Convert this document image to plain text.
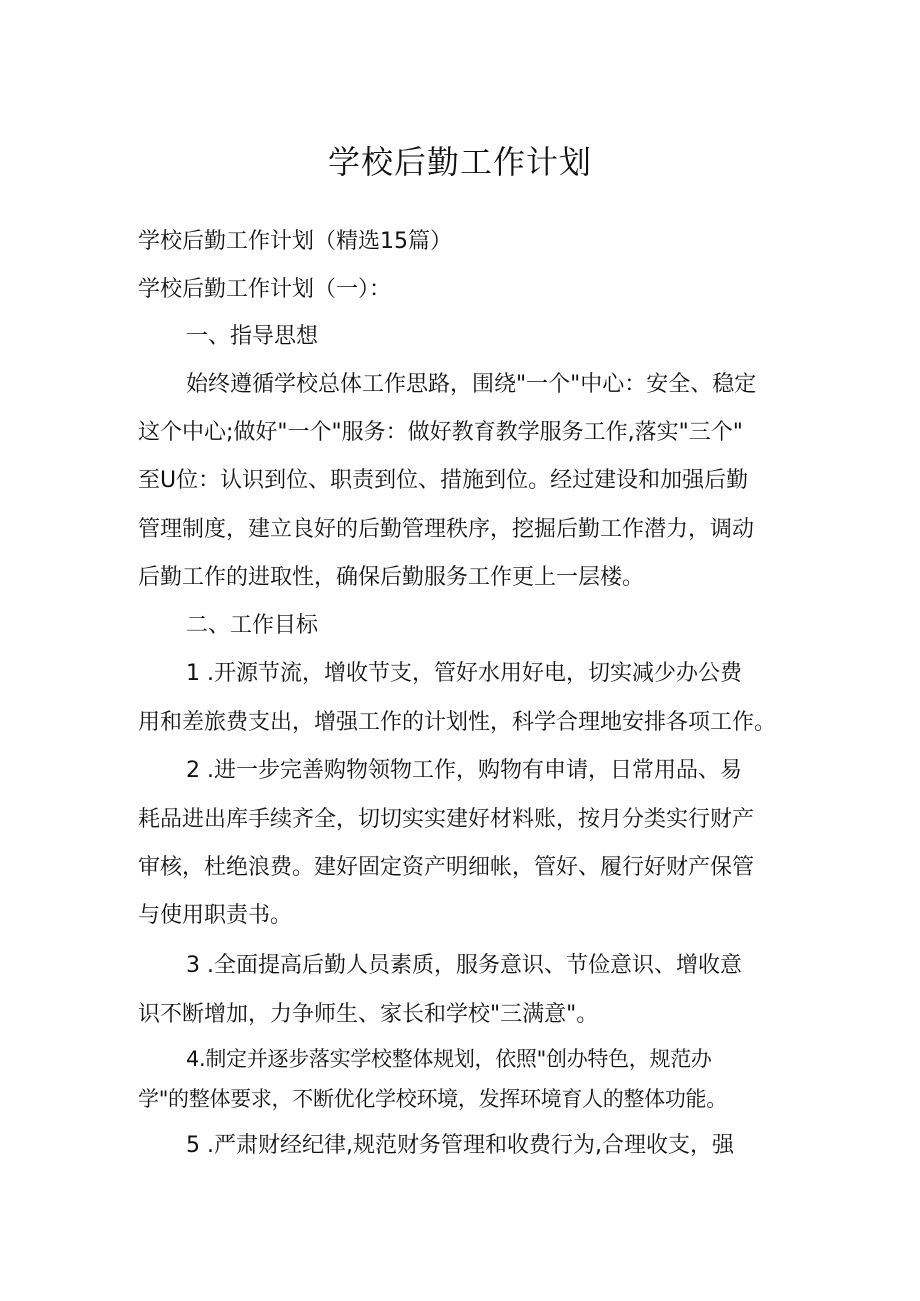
学校后勤工作计划
学校后勤工作计划（精选15篇）
学校后勤工作计划（一）：
一、指导思想
始终遵循学校总体工作思路，围绕"一个"中心：安全、稳定
这个中心;做好"一个"服务：做好教育教学服务工作,落实"三个"
至U位：认识到位、职责到位、措施到位。经过建设和加强后勤
管理制度，建立良好的后勤管理秩序，挖掘后勤工作潜力，调动
后勤工作的进取性，确保后勤服务工作更上一层楼。
二、工作目标
1 .开源节流，增收节支，管好水用好电，切实减少办公费
用和差旅费支出，增强工作的计划性，科学合理地安排各项工作。
2 .进一步完善购物领物工作，购物有申请，日常用品、易
耗品进出库手续齐全，切切实实建好材料账，按月分类实行财产
审核，杜绝浪费。建好固定资产明细帐，管好、履行好财产保管
与使用职责书。
3 .全面提高后勤人员素质，服务意识、节俭意识、增收意
识不断增加，力争师生、家长和学校"三满意"。
4.制定并逐步落实学校整体规划，依照"创办特色，规范办
学"的整体要求，不断优化学校环境，发挥环境育人的整体功能。
5 .严肃财经纪律,规范财务管理和收费行为,合理收支，强
